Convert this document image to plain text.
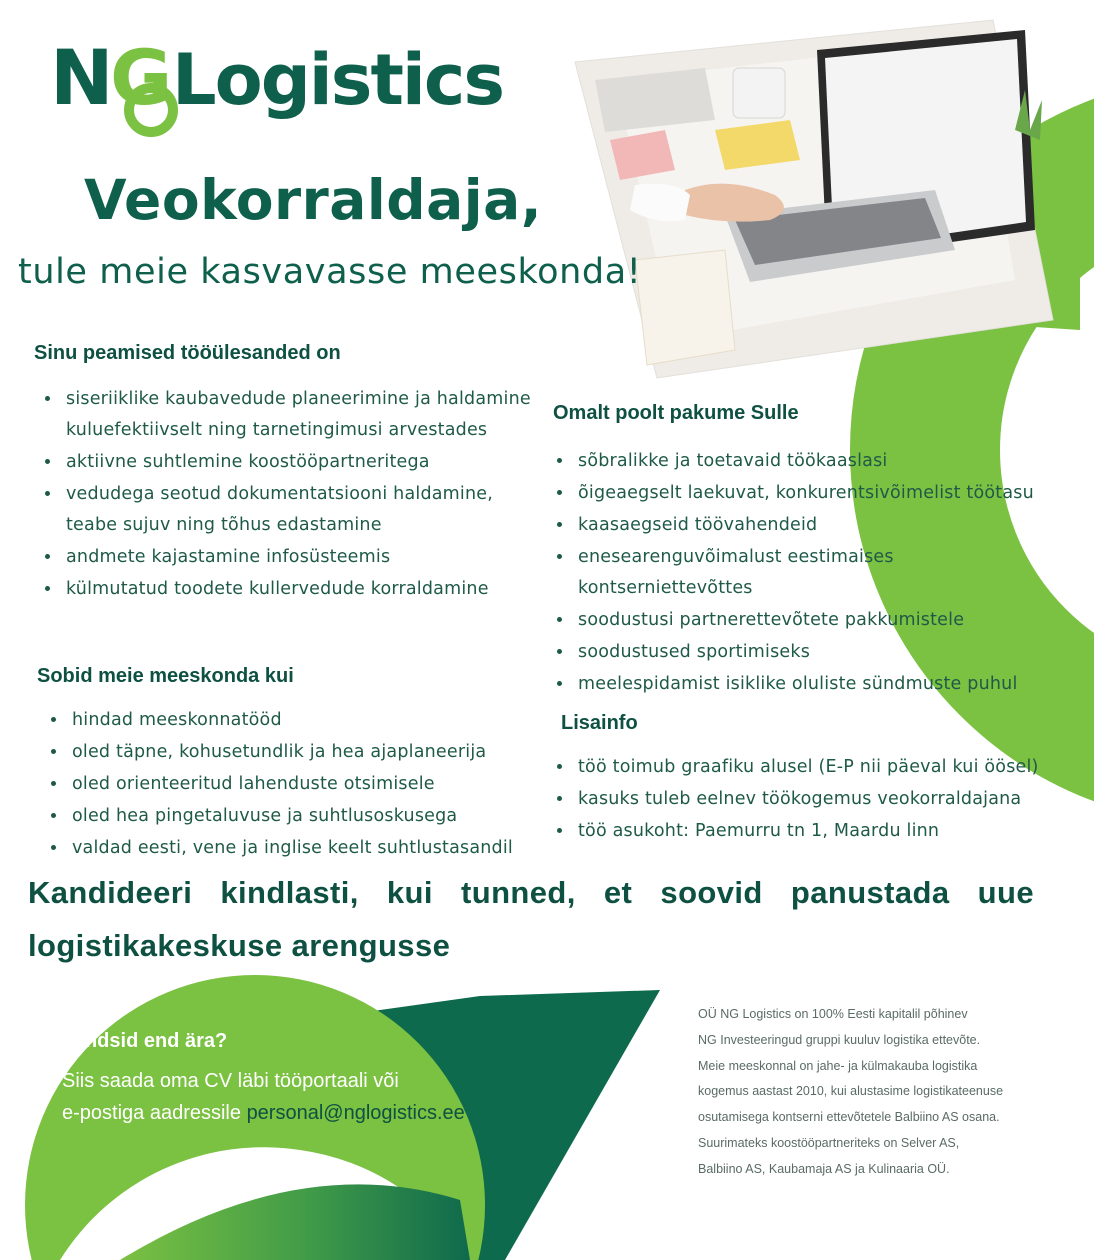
N G Logistics
Veokorraldaja,
tule meie kasvavasse meeskonda!
Sinu peamised tööülesanded on
• siseriiklike kaubavedude planeerimine ja haldamine kuluefektiivselt ning tarnetingimusi arvestades
• aktiivne suhtlemine koostööpartneritega
• vedudega seotud dokumentatsiooni haldamine, teabe sujuv ning tõhus edastamine
• andmete kajastamine infosüsteemis
• külmutatud toodete kullervedude korraldamine
Sobid meie meeskonda kui
• hindad meeskonnatööd
• oled täpne, kohusetundlik ja hea ajaplaneerija
• oled orienteeritud lahenduste otsimisele
• oled hea pingetaluvuse ja suhtlusoskusega
• valdad eesti, vene ja inglise keelt suhtlustasandil
Omalt poolt pakume Sulle
• sõbralikke ja toetavaid töökaaslasi
• õigeaegselt laekuvat, konkurentsivõimelist töötasu
• kaasaegseid töövahendeid
• enesearenguvõimalust eestimaises kontserniettevõttes
• soodustusi partnerettevõtete pakkumistele
• soodustused sportimiseks
• meelespidamist isiklike oluliste sündmuste puhul
Lisainfo
• töö toimub graafiku alusel (E-P nii päeval kui öösel)
• kasuks tuleb eelnev töökogemus veokorraldajana
• töö asukoht: Paemurru tn 1, Maardu linn
Kandideeri kindlasti, kui tunned, et soovid panustada uue logistikakeskuse arengusse
Tundsid end ära?
Siis saada oma CV läbi tööportaali või
e-postiga aadressile personal@nglogistics.ee
OÜ NG Logistics on 100% Eesti kapitalil põhinev
NG Investeeringud gruppi kuuluv logistika ettevõte.
Meie meeskonnal on jahe- ja külmakauba logistika
kogemus aastast 2010, kui alustasime logistikateenuse
osutamisega kontserni ettevõtetele Balbiino AS osana.
Suurimateks koostööpartneriteks on Selver AS,
Balbiino AS, Kaubamaja AS ja Kulinaaria OÜ.
